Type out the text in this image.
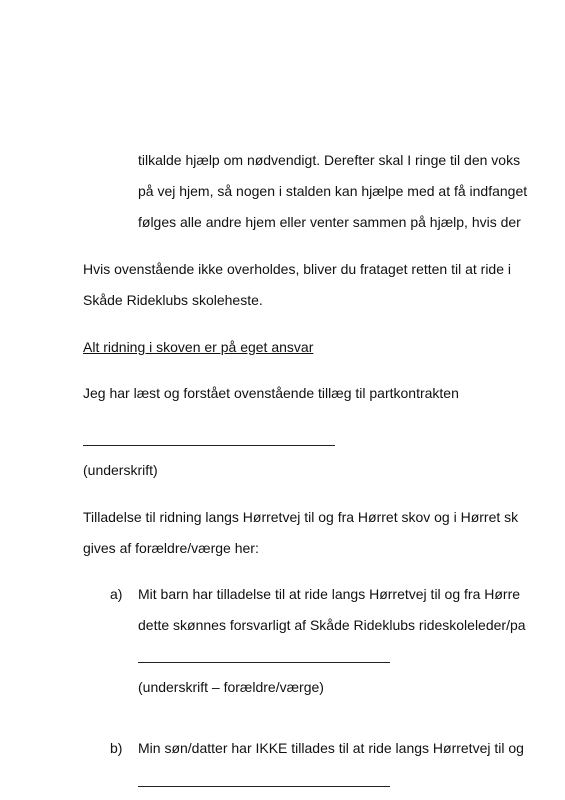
tilkalde hjælp om nødvendigt. Derefter skal I ringe til den voks
på vej hjem, så nogen i stalden kan hjælpe med at få indfanget
følges alle andre hjem eller venter sammen på hjælp, hvis der
Hvis ovenstående ikke overholdes, bliver du frataget retten til at ride i
Skåde Rideklubs skoleheste.
Alt ridning i skoven er på eget ansvar
Jeg har læst og forstået ovenstående tillæg til partkontrakten
(underskrift)
Tilladelse til ridning langs Hørretvej til og fra Hørret skov og i Hørret sk
gives af forældre/værge her:
a) Mit barn har tilladelse til at ride langs Hørretvej til og fra Hørre
dette skønnes forsvarligt af Skåde Rideklubs rideskoleleder/pa
(underskrift – forældre/værge)
b) Min søn/datter har IKKE tillades til at ride langs Hørretvej til og
